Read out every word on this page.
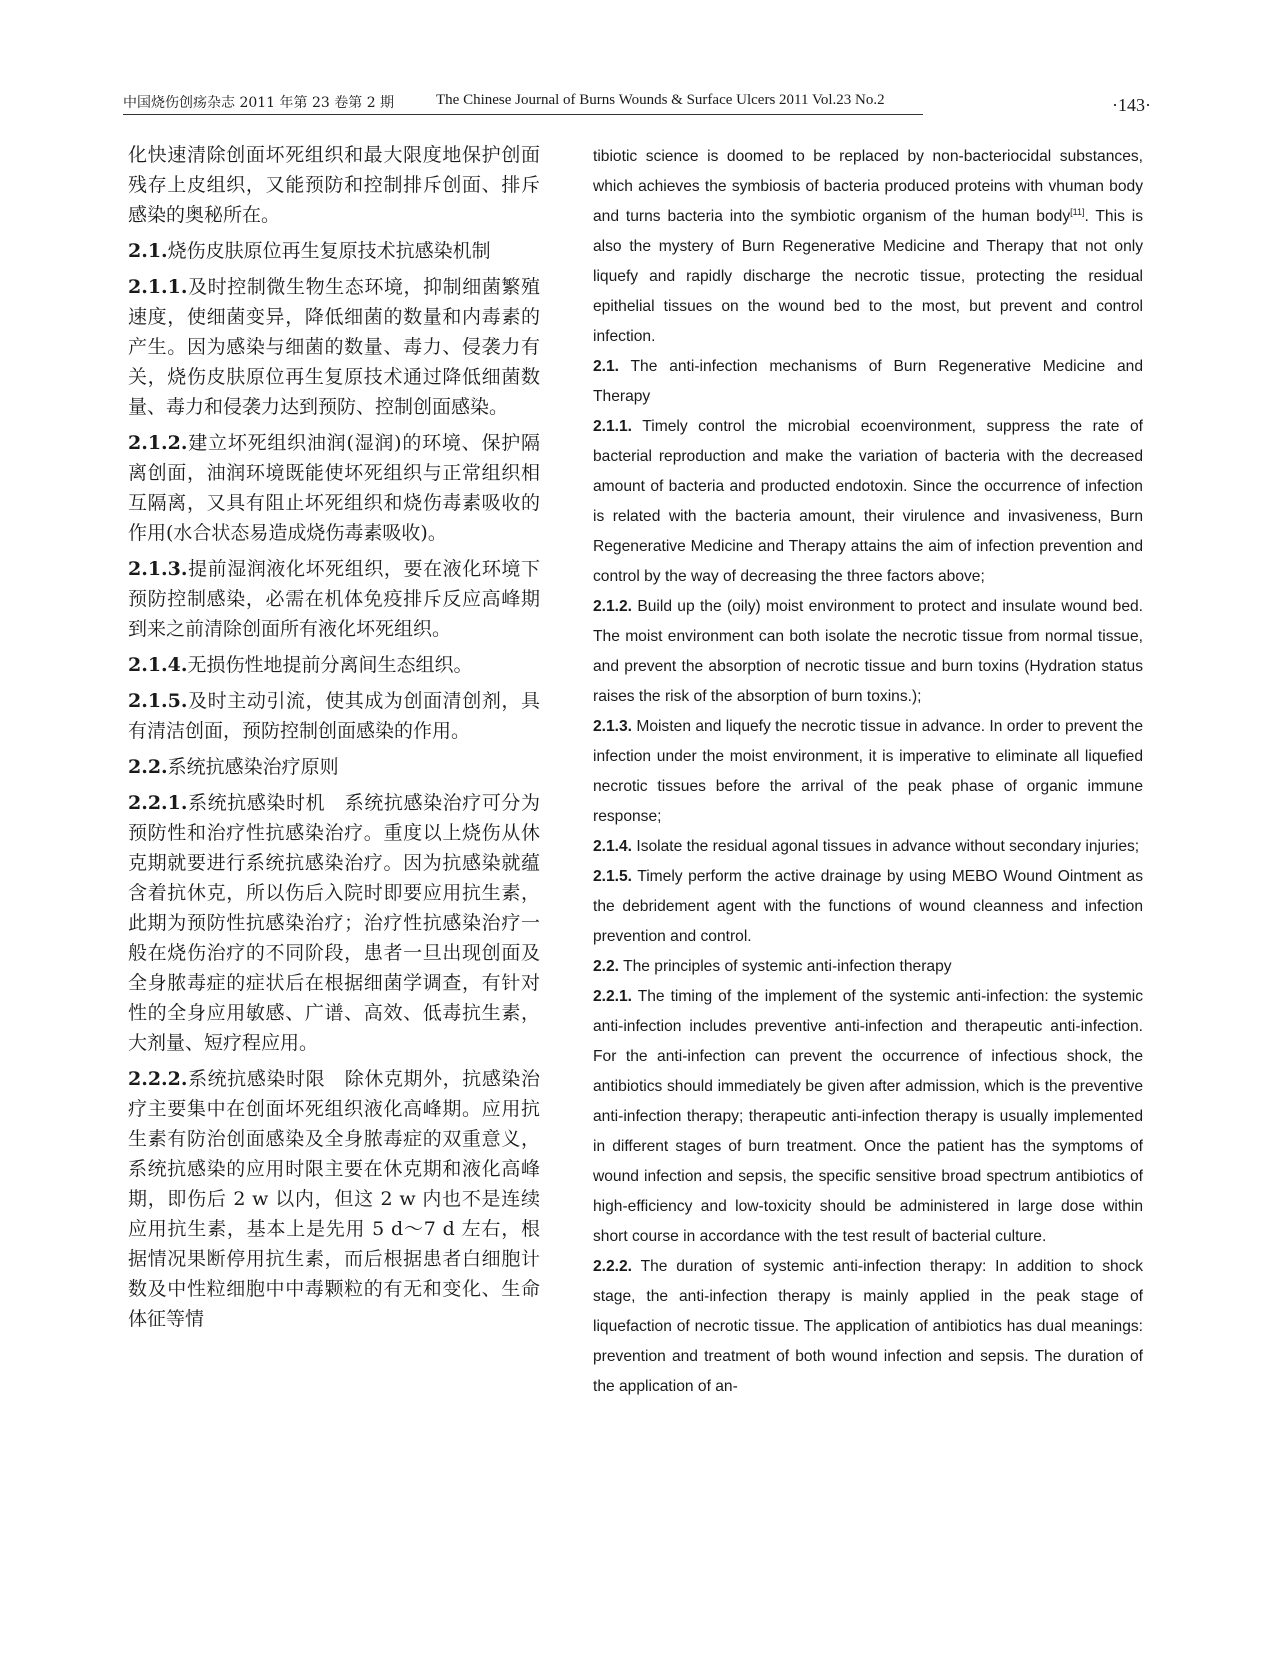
中国烧伤创疡杂志 2011 年第 23 卷第 2 期	The Chinese Journal of Burns Wounds & Surface Ulcers 2011 Vol.23 No.2	·143·

化快速清除创面坏死组织和最大限度地保护创面残存上皮组织，又能预防和控制排斥创面、排斥感染的奥秘所在。

2.1.烧伤皮肤原位再生复原技术抗感染机制

2.1.1.及时控制微生物生态环境，抑制细菌繁殖速度，使细菌变异，降低细菌的数量和内毒素的产生。因为感染与细菌的数量、毒力、侵袭力有关，烧伤皮肤原位再生复原技术通过降低细菌数量、毒力和侵袭力达到预防、控制创面感染。

2.1.2.建立坏死组织油润(湿润)的环境、保护隔离创面，油润环境既能使坏死组织与正常组织相互隔离，又具有阻止坏死组织和烧伤毒素吸收的作用(水合状态易造成烧伤毒素吸收)。

2.1.3.提前湿润液化坏死组织，要在液化环境下预防控制感染，必需在机体免疫排斥反应高峰期到来之前清除创面所有液化坏死组织。

2.1.4.无损伤性地提前分离间生态组织。

2.1.5.及时主动引流，使其成为创面清创剂，具有清洁创面，预防控制创面感染的作用。

2.2.系统抗感染治疗原则

2.2.1.系统抗感染时机　系统抗感染治疗可分为预防性和治疗性抗感染治疗。重度以上烧伤从休克期就要进行系统抗感染治疗。因为抗感染就蕴含着抗休克，所以伤后入院时即要应用抗生素，此期为预防性抗感染治疗；治疗性抗感染治疗一般在烧伤治疗的不同阶段，患者一旦出现创面及全身脓毒症的症状后在根据细菌学调查，有针对性的全身应用敏感、广谱、高效、低毒抗生素，大剂量、短疗程应用。

2.2.2.系统抗感染时限　除休克期外，抗感染治疗主要集中在创面坏死组织液化高峰期。应用抗生素有防治创面感染及全身脓毒症的双重意义，系统抗感染的应用时限主要在休克期和液化高峰期，即伤后 2 w 以内，但这 2 w 内也不是连续应用抗生素，基本上是先用 5 d～7 d 左右，根据情况果断停用抗生素，而后根据患者白细胞计数及中性粒细胞中中毒颗粒的有无和变化、生命体征等情

tibiotic science is doomed to be replaced by non-bacteriocidal substances, which achieves the symbiosis of bacteria produced proteins with vhuman body and turns bacteria into the symbiotic organism of the human body[11]. This is also the mystery of Burn Regenerative Medicine and Therapy that not only liquefy and rapidly discharge the necrotic tissue, protecting the residual epithelial tissues on the wound bed to the most, but prevent and control infection.

2.1. The anti-infection mechanisms of Burn Regenerative Medicine and Therapy

2.1.1. Timely control the microbial ecoenvironment, suppress the rate of bacterial reproduction and make the variation of bacteria with the decreased amount of bacteria and producted endotoxin. Since the occurrence of infection is related with the bacteria amount, their virulence and invasiveness, Burn Regenerative Medicine and Therapy attains the aim of infection prevention and control by the way of decreasing the three factors above;

2.1.2. Build up the (oily) moist environment to protect and insulate wound bed. The moist environment can both isolate the necrotic tissue from normal tissue, and prevent the absorption of necrotic tissue and burn toxins (Hydration status raises the risk of the absorption of burn toxins.);

2.1.3. Moisten and liquefy the necrotic tissue in advance. In order to prevent the infection under the moist environment, it is imperative to eliminate all liquefied necrotic tissues before the arrival of the peak phase of organic immune response;

2.1.4. Isolate the residual agonal tissues in advance without secondary injuries;

2.1.5. Timely perform the active drainage by using MEBO Wound Ointment as the debridement agent with the functions of wound cleanness and infection prevention and control.

2.2. The principles of systemic anti-infection therapy

2.2.1. The timing of the implement of the systemic anti-infection: the systemic anti-infection includes preventive anti-infection and therapeutic anti-infection. For the anti-infection can prevent the occurrence of infectious shock, the antibiotics should immediately be given after admission, which is the preventive anti-infection therapy; therapeutic anti-infection therapy is usually implemented in different stages of burn treatment. Once the patient has the symptoms of wound infection and sepsis, the specific sensitive broad spectrum antibiotics of high-efficiency and low-toxicity should be administered in large dose within short course in accordance with the test result of bacterial culture.

2.2.2. The duration of systemic anti-infection therapy: In addition to shock stage, the anti-infection therapy is mainly applied in the peak stage of liquefaction of necrotic tissue. The application of antibiotics has dual meanings: prevention and treatment of both wound infection and sepsis. The duration of the application of an-
